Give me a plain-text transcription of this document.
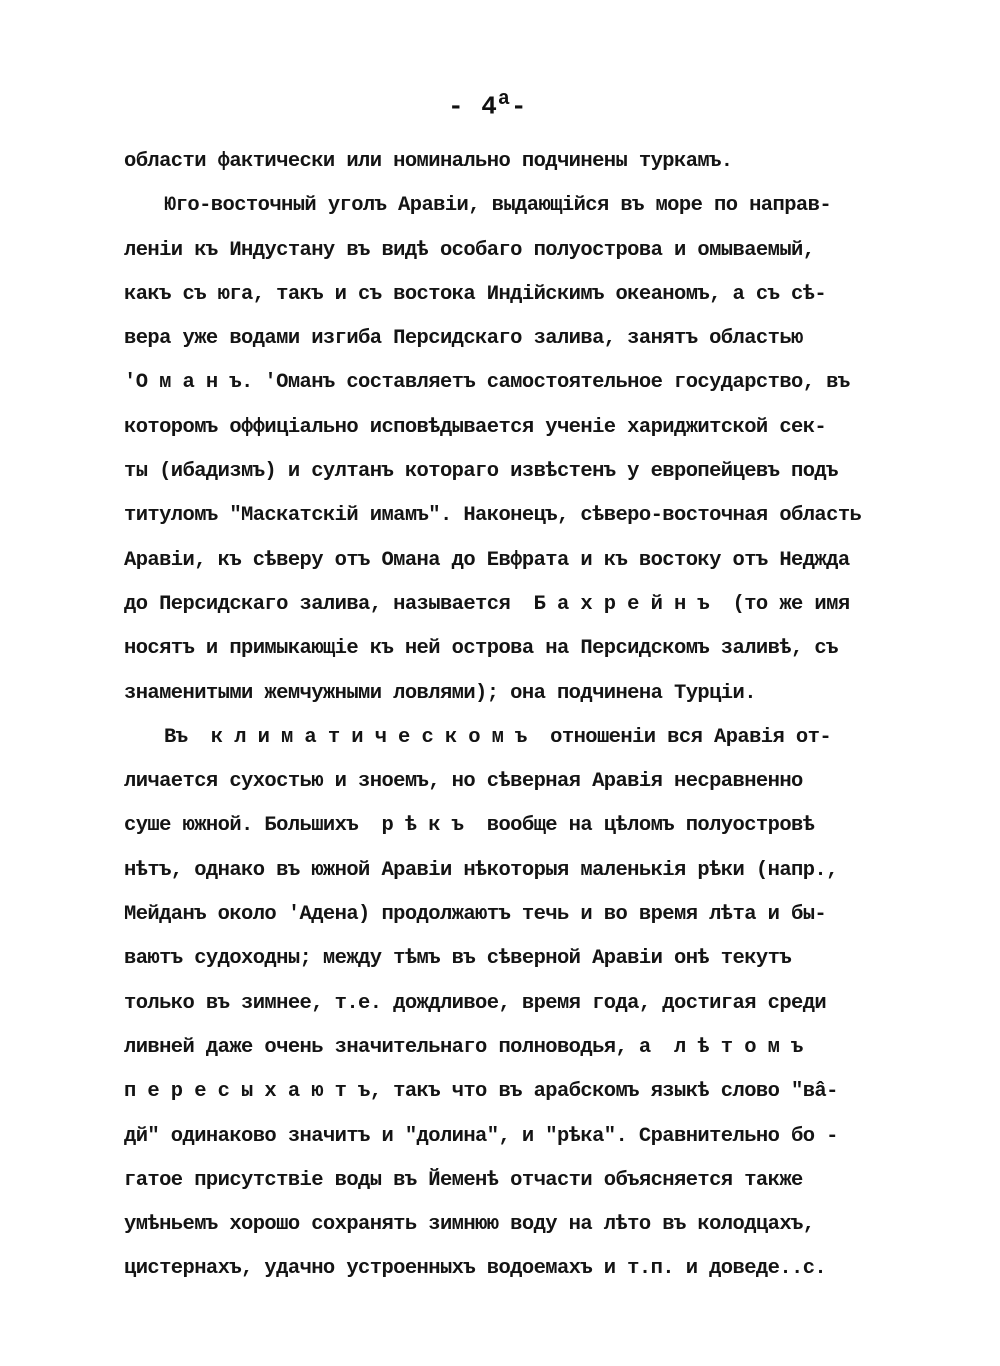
- $4^а-$
области фактически или номинально подчинены туркамъ.
Юго-восточный уголъ Аравіи, выдающійся въ море по направ-
леніи къ Индустану въ видѣ особаго полуострова и омываемый,
какъ съ юга, такъ и съ востока Индійскимъ океаномъ, а съ сѣ-
вера уже водами изгиба Персидскаго залива, занятъ областью
'О м а н ъ. 'Оманъ составляетъ самостоятельное государство, въ
которомъ оффиціально исповѣдывается ученіе хариджитской сек-
ты (ибадизмъ) и султанъ котораго извѣстенъ у европейцевъ подъ
титуломъ "Маскатскій имамъ". Наконецъ, сѣверо-восточная область
Аравіи, къ сѣверу отъ Омана до Евфрата и къ востоку отъ Неджда
до Персидскаго залива, называется  Б а х р е й н ъ  (то же имя
носятъ и примыкающіе къ ней острова на Персидскомъ заливѣ, съ
знаменитыми жемчужными ловлями); она подчинена Турціи.
Въ  к л и м а т и ч е с к о м ъ  отношеніи вся Аравія от-
личается сухостью и зноемъ, но сѣверная Аравія несравненно
суше южной. Большихъ  р ѣ к ъ  вообще на цѣломъ полуостровѣ
нѣтъ, однако въ южной Аравіи нѣкоторыя маленькія рѣки (напр.,
Мейданъ около 'Адена) продолжаютъ течь и во время лѣта и бы-
ваютъ судоходны; между тѣмъ въ сѣверной Аравіи онѣ текутъ
только въ зимнее, т.е. дождливое, время года, достигая среди
ливней даже очень значительнаго полноводья, а  л ѣ т о м ъ
п е р е с ы х а ю т ъ, такъ что въ арабскомъ языкѣ слово "вâ-
дй" одинаково значитъ и "долина", и "рѣка". Сравнительно бо -
гатое присутствіе воды въ Йеменѣ отчасти объясняется также
умѣньемъ хорошо сохранять зимнюю воду на лѣто въ колодцахъ,
цистернахъ, удачно устроенныхъ водоемахъ и т.п. и доведе..с.
